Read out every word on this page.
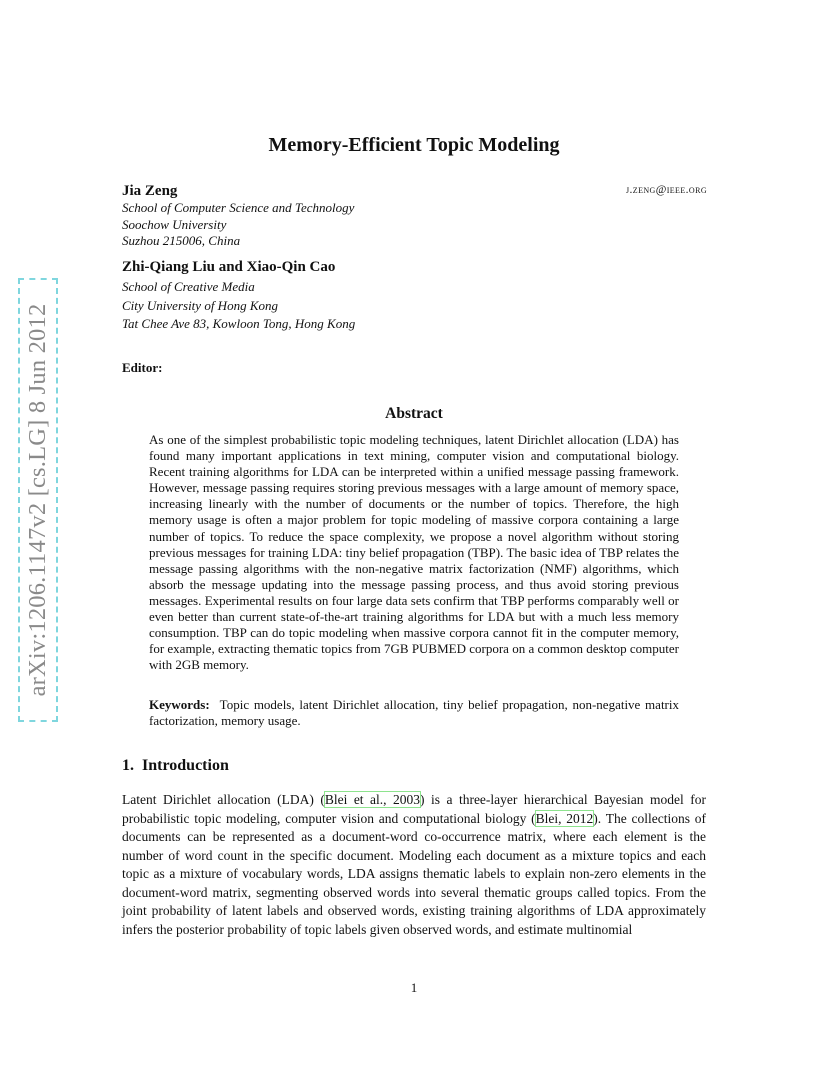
arXiv:1206.1147v2 [cs.LG] 8 Jun 2012
Memory-Efficient Topic Modeling
Jia Zeng
School of Computer Science and Technology
Soochow University
Suzhou 215006, China
j.zeng@ieee.org
Zhi-Qiang Liu and Xiao-Qin Cao
School of Creative Media
City University of Hong Kong
Tat Chee Ave 83, Kowloon Tong, Hong Kong
Editor:
Abstract

As one of the simplest probabilistic topic modeling techniques, latent Dirichlet allocation (LDA) has found many important applications in text mining, computer vision and computational biology. Recent training algorithms for LDA can be interpreted within a unified message passing framework. However, message passing requires storing previous messages with a large amount of memory space, increasing linearly with the number of documents or the number of topics. Therefore, the high memory usage is often a major problem for topic modeling of massive corpora containing a large number of topics. To reduce the space complexity, we propose a novel algorithm without storing previous messages for training LDA: tiny belief propagation (TBP). The basic idea of TBP relates the message passing algorithms with the non-negative matrix factorization (NMF) algorithms, which absorb the message updating into the message passing process, and thus avoid storing previous messages. Experimental results on four large data sets confirm that TBP performs comparably well or even better than current state-of-the-art training algorithms for LDA but with a much less memory consumption. TBP can do topic modeling when massive corpora cannot fit in the computer memory, for example, extracting thematic topics from 7GB PUBMED corpora on a common desktop computer with 2GB memory.

Keywords: Topic models, latent Dirichlet allocation, tiny belief propagation, non-negative matrix factorization, memory usage.
1. Introduction

Latent Dirichlet allocation (LDA) (Blei et al., 2003) is a three-layer hierarchical Bayesian model for probabilistic topic modeling, computer vision and computational biology (Blei, 2012). The collections of documents can be represented as a document-word co-occurrence matrix, where each element is the number of word count in the specific document. Modeling each document as a mixture topics and each topic as a mixture of vocabulary words, LDA assigns thematic labels to explain non-zero elements in the document-word matrix, segmenting observed words into several thematic groups called topics. From the joint probability of latent labels and observed words, existing training algorithms of LDA approximately infers the posterior probability of topic labels given observed words, and estimate multinomial

1
